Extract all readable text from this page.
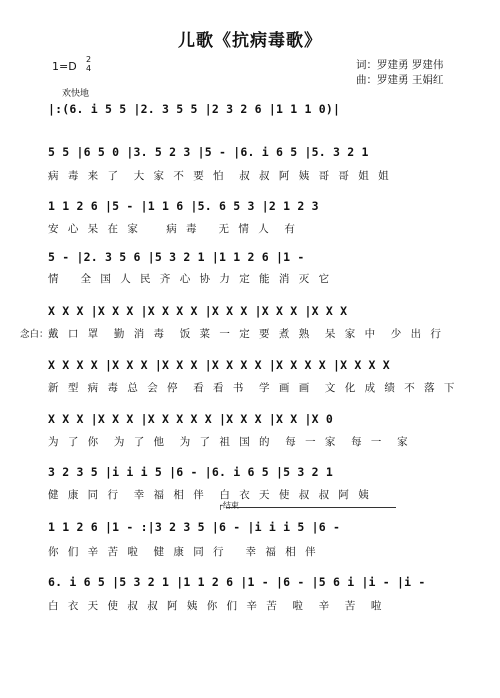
儿歌《抗病毒歌》
1=D
2
4	词：罗建勇 罗建伟
曲：罗建勇 王娟红
欢快地
|:(6. i 5 5 |2. 3 5 5 |2 3 2 6 |1 1 1 0)|
5 5 |6 5 0 |3. 5 2 3 |5 - |6. i 6 5 |5. 3 2 1
病 毒 来 了  大 家 不 要 怕  叔 叔 阿 姨 哥 哥 姐 姐
1 1 2 6 |5 - |1 1 6 |5. 6 5 3 |2 1 2 3
安 心 呆 在 家    病 毒   无 情 人  有
5 - |2. 3 5 6 |5 3 2 1 |1 1 2 6 |1 -
情   全 国 人 民 齐 心 协 力 定 能 消 灭 它
X X X |X X X |X X X X |X X X |X X X |X X X
念白： 戴 口 罩  勤 消 毒  饭 菜 一 定 要 煮 熟  呆 家 中  少 出 行
X X X X |X X X |X X X |X X X X |X X X X |X X X X
新 型 病 毒 总 会 停  看 看 书  学 画 画  文 化 成 绩 不 落 下
X X X |X X X |X X X X X |X X X |X X |X 0
为 了 你  为 了 他  为 了 祖 国 的  每 一 家  每 一  家
3 2 3 5 |i i i 5 |6 - |6. i 6 5 |5 3 2 1
健 康 同 行  幸 福 相 伴  白 衣 天 使 叔 叔 阿 姨
┌结束
1 1 2 6 |1 - :|3 2 3 5 |6 - |i i i 5 |6 -
你 们 辛 苦 啦  健 康 同 行   幸 福 相 伴
6. i 6 5 |5 3 2 1 |1 1 2 6 |1 - |6 - |5 6 i |i - |i -
白 衣 天 使 叔 叔 阿 姨 你 们 辛 苦  啦  辛  苦  啦
